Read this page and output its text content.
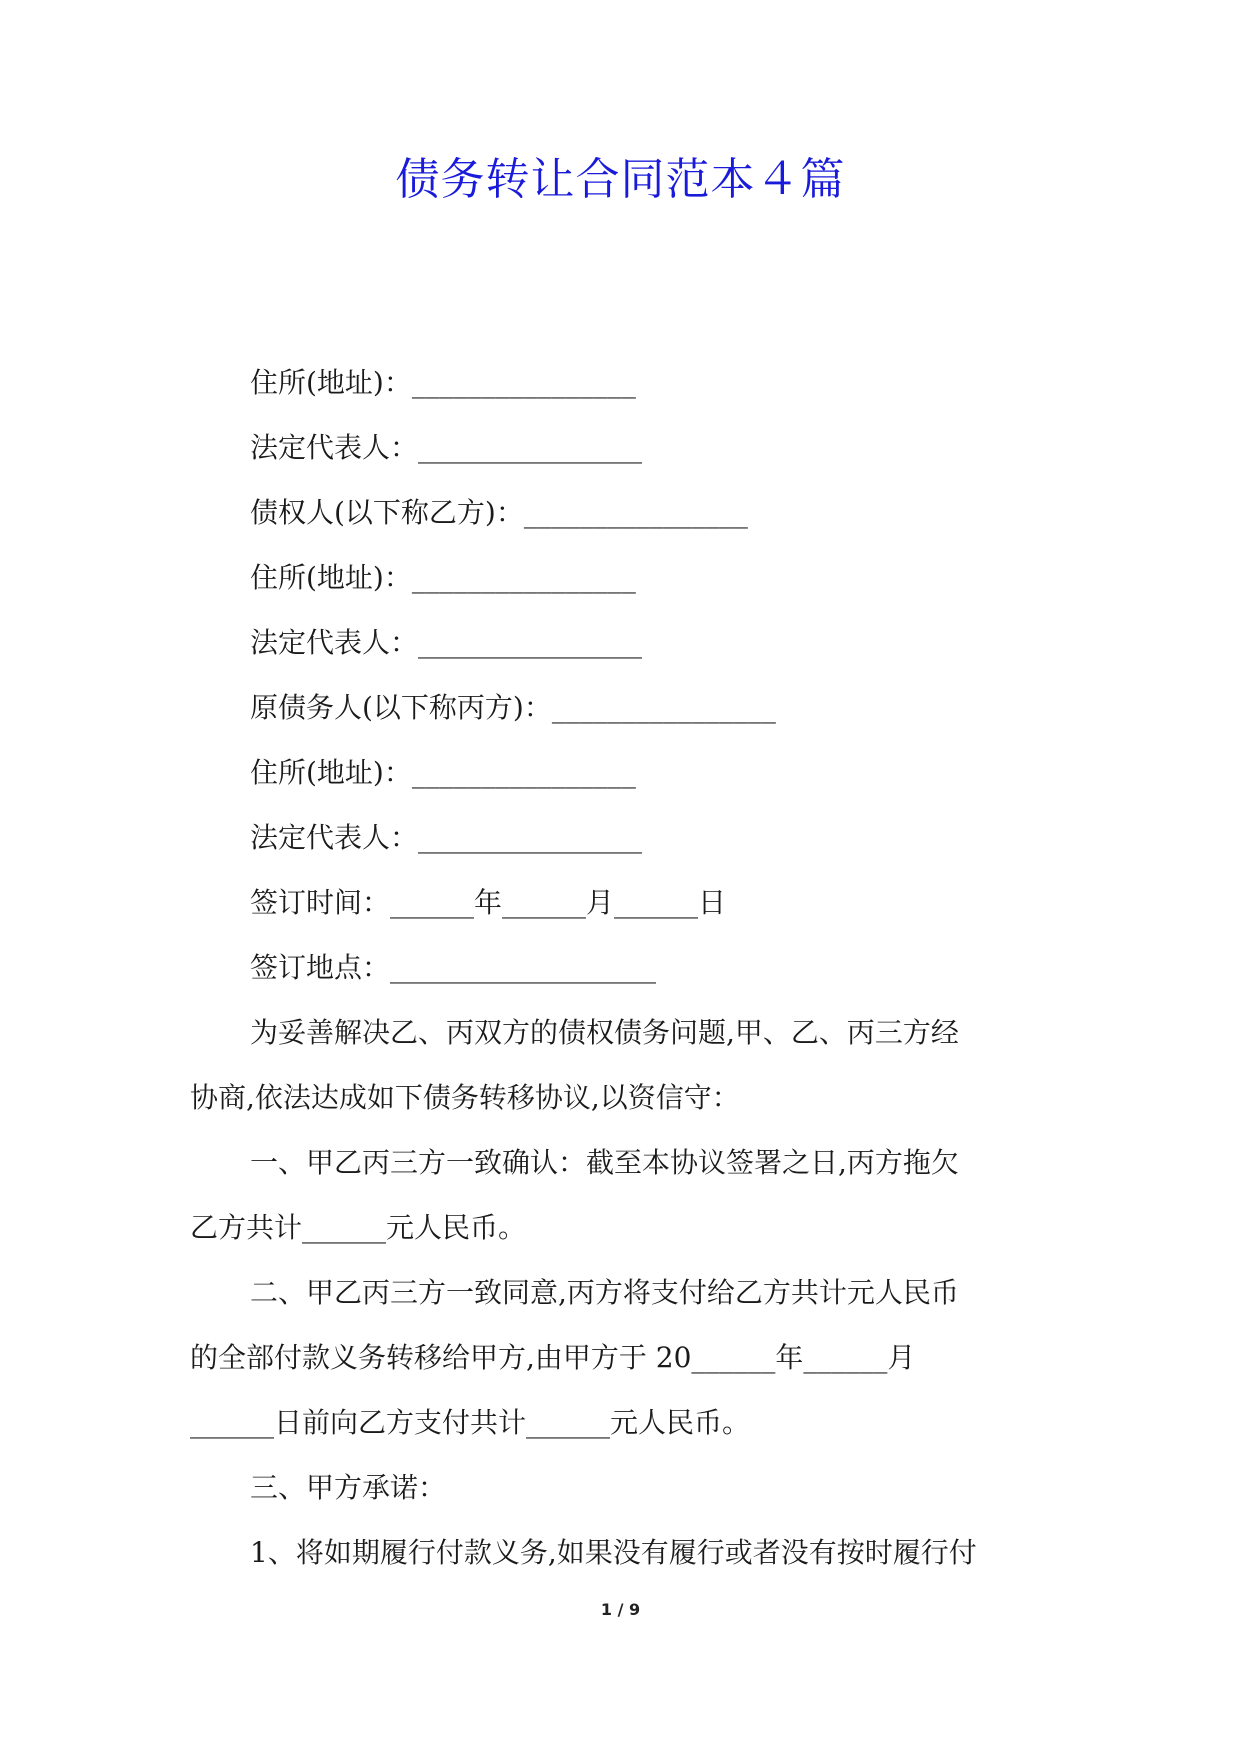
债务转让合同范本４篇
住所(地址)：________________
法定代表人：________________
债权人(以下称乙方)：________________
住所(地址)：________________
法定代表人：________________
原债务人(以下称丙方)：________________
住所(地址)：________________
法定代表人：________________
签订时间：______年______月______日
签订地点：___________________
为妥善解决乙、丙双方的债权债务问题,甲、乙、丙三方经
协商,依法达成如下债务转移协议,以资信守：
一、甲乙丙三方一致确认：截至本协议签署之日,丙方拖欠
乙方共计______元人民币。
二、甲乙丙三方一致同意,丙方将支付给乙方共计元人民币
的全部付款义务转移给甲方,由甲方于 20______年______月
______日前向乙方支付共计______元人民币。
三、甲方承诺：
1、将如期履行付款义务,如果没有履行或者没有按时履行付
1 / 9
